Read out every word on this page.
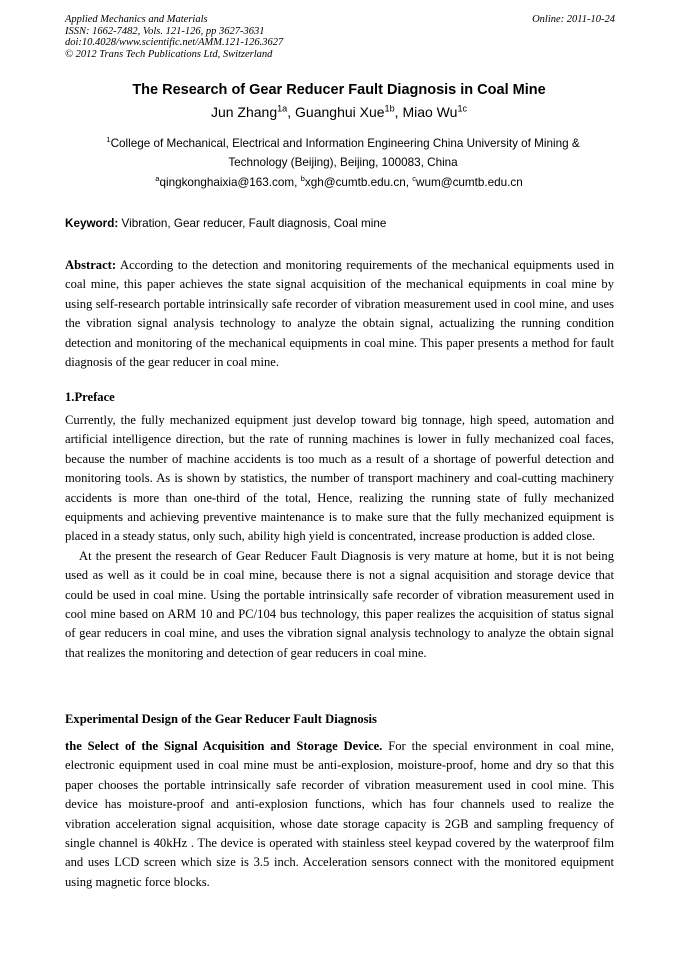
Applied Mechanics and Materials
ISSN: 1662-7482, Vols. 121-126, pp 3627-3631
doi:10.4028/www.scientific.net/AMM.121-126.3627
© 2012 Trans Tech Publications Ltd, Switzerland
Online: 2011-10-24
The Research of Gear Reducer Fault Diagnosis in Coal Mine
Jun Zhang$^{1a}$, Guanghui Xue$^{1b}$, Miao $Wu^{1c}$
$^1$College of Mechanical, Electrical and Information Engineering China University of Mining & Technology (Beijing), Beijing, 100083, China
$^a$qingkonghaixia@163.com, $^b$xgh@cumtb.edu.cn, $^c$wum@cumtb.edu.cn
Keyword: Vibration, Gear reducer, Fault diagnosis, Coal mine
Abstract: According to the detection and monitoring requirements of the mechanical equipments used in coal mine, this paper achieves the state signal acquisition of the mechanical equipments in coal mine by using self-research portable intrinsically safe recorder of vibration measurement used in cool mine, and uses the vibration signal analysis technology to analyze the obtain signal, actualizing the running condition detection and monitoring of the mechanical equipments in coal mine. This paper presents a method for fault diagnosis of the gear reducer in coal mine.
1.Preface

Currently, the fully mechanized equipment just develop toward big tonnage, high speed, automation and artificial intelligence direction, but the rate of running machines is lower in fully mechanized coal faces, because the number of machine accidents is too much as a result of a shortage of powerful detection and monitoring tools. As is shown by statistics, the number of transport machinery and coal-cutting machinery accidents is more than one-third of the total, Hence, realizing the running state of fully mechanized equipments and achieving preventive maintenance is to make sure that the fully mechanized equipment is placed in a steady status, only such, ability high yield is concentrated, increase production is added close.

At the present the research of Gear Reducer Fault Diagnosis is very mature at home, but it is not being used as well as it could be in coal mine, because there is not a signal acquisition and storage device that could be used in coal mine. Using the portable intrinsically safe recorder of vibration measurement used in cool mine based on ARM 10 and PC/104 bus technology, this paper realizes the acquisition of status signal of gear reducers in coal mine, and uses the vibration signal analysis technology to analyze the obtain signal that realizes the monitoring and detection of gear reducers in coal mine.

Experimental Design of the Gear Reducer Fault Diagnosis
the Select of the Signal Acquisition and Storage Device. For the special environment in coal mine, electronic equipment used in coal mine must be anti-explosion, moisture-proof, home and dry so that this paper chooses the portable intrinsically safe recorder of vibration measurement used in cool mine. This device has moisture-proof and anti-explosion functions, which has four channels used to realize the vibration acceleration signal acquisition, whose date storage capacity is 2GB and sampling frequency of single channel is 40kHz . The device is operated with stainless steel keypad covered by the waterproof film and uses LCD screen which size is 3.5 inch. Acceleration sensors connect with the monitored equipment using magnetic force blocks.
